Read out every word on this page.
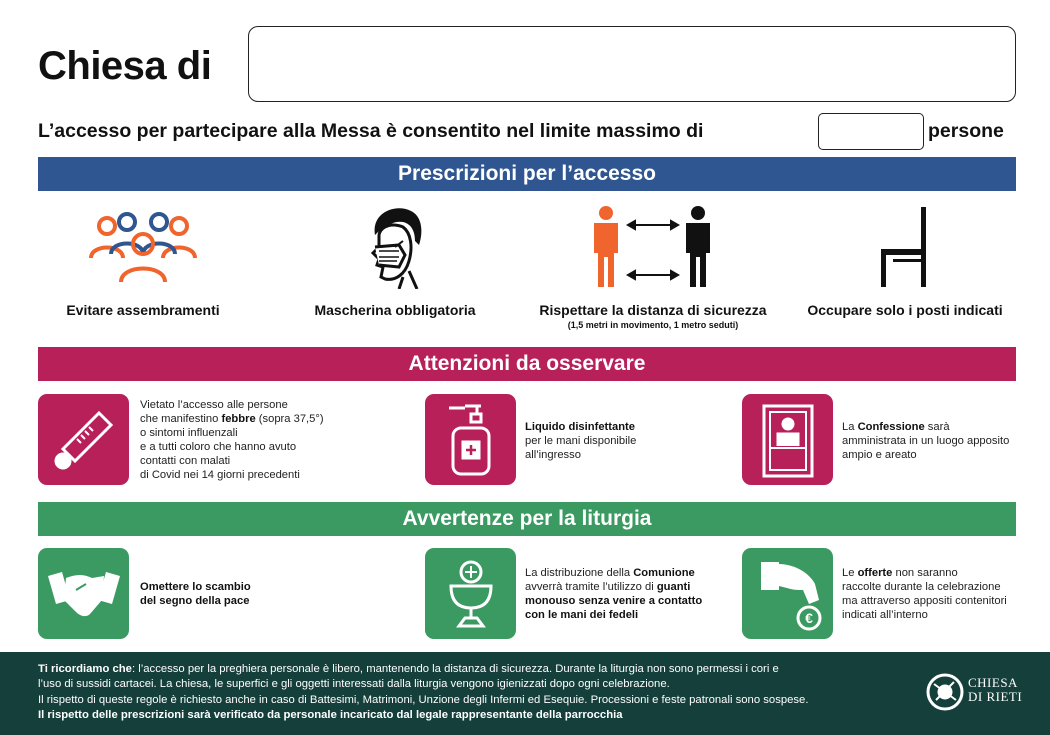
Chiesa di
L’accesso per partecipare alla Messa è consentito nel limite massimo di	persone
Prescrizioni per l’accesso
Evitare assembramenti	Mascherina obbligatoria	Rispettare la distanza di sicurezza
(1,5 metri in movimento, 1 metro seduti)
Occupare solo i posti indicati
Attenzioni da osservare
Vietato l’accesso alle persone
che manifestino febbre (sopra 37,5°)
o sintomi influenzali
e a tutti coloro che hanno avuto
contatti con malati
di Covid nei 14 giorni precedenti
Liquido disinfettante
per le mani disponibile
all’ingresso
La Confessione sarà
amministrata in un luogo apposito
ampio e areato
Avvertenze per la liturgia
Omettere lo scambio
del segno della pace
La distribuzione della Comunione
avverrà tramite l’utilizzo di guanti
monouso senza venire a contatto
con le mani dei fedeli	€
Le offerte non saranno
raccolte durante la celebrazione
ma attraverso appositi contenitori
indicati all’interno
Ti ricordiamo che: l’accesso per la preghiera personale è libero, mantenendo la distanza di sicurezza. Durante la liturgia non sono permessi i cori e
l’uso di sussidi cartacei. La chiesa, le superfici e gli oggetti interessati dalla liturgia vengono igienizzati dopo ogni celebrazione.
Il rispetto di queste regole è richiesto anche in caso di Battesimi, Matrimoni, Unzione degli Infermi ed Esequie. Processioni e feste patronali sono sospese.
Il rispetto delle prescrizioni sarà verificato da personale incaricato dal legale rappresentante della parrocchia
CHIESA
DI RIETI
